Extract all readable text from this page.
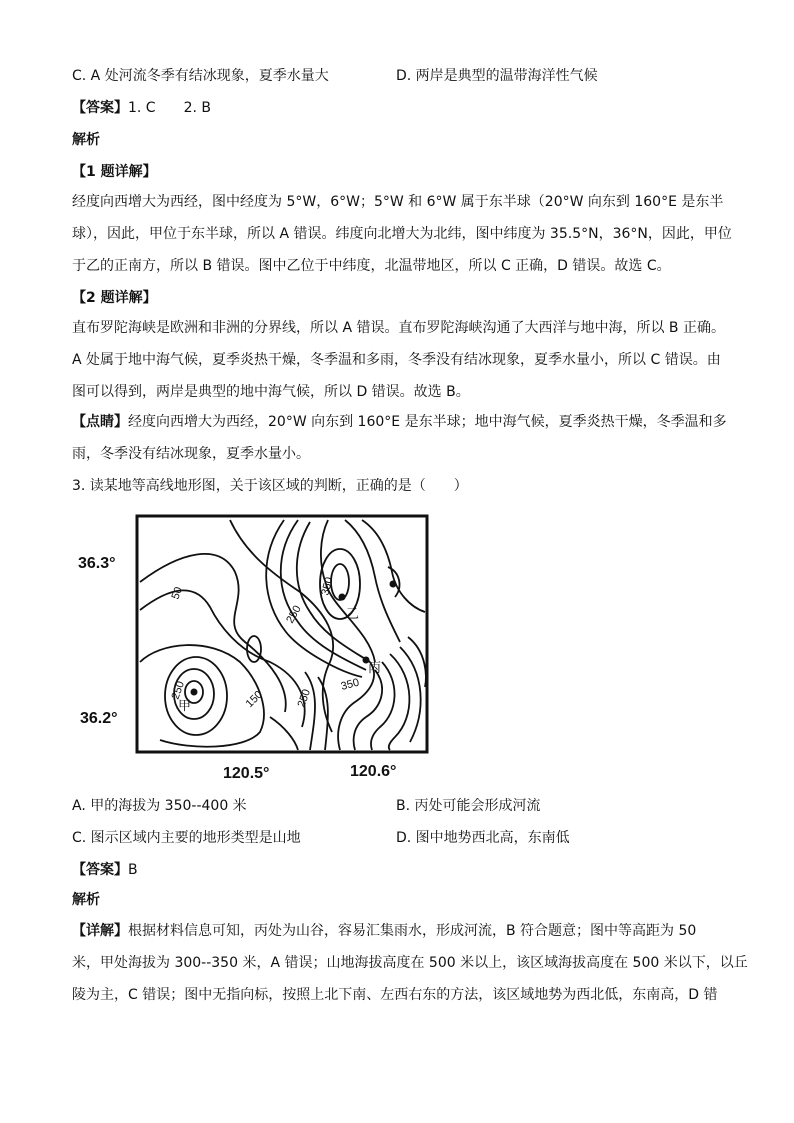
C. A 处河流冬季有结冰现象，夏季水量大	D. 两岸是典型的温带海洋性气候
【答案】1. C　　2. B
解析
【1 题详解】
经度向西增大为西经，图中经度为 5°W，6°W；5°W 和 6°W 属于东半球（20°W 向东到 160°E 是东半
球），因此，甲位于东半球，所以 A 错误。纬度向北增大为北纬，图中纬度为 35.5°N，36°N，因此，甲位
于乙的正南方，所以 B 错误。图中乙位于中纬度，北温带地区，所以 C 正确，D 错误。故选 C。
【2 题详解】
直布罗陀海峡是欧洲和非洲的分界线，所以 A 错误。直布罗陀海峡沟通了大西洋与地中海，所以 B 正确。
A 处属于地中海气候，夏季炎热干燥，冬季温和多雨，冬季没有结冰现象，夏季水量小，所以 C 错误。由
图可以得到，两岸是典型的地中海气候，所以 D 错误。故选 B。
【点睛】经度向西增大为西经，20°W 向东到 160°E 是东半球；地中海气候，夏季炎热干燥，冬季温和多
雨，冬季没有结冰现象，夏季水量小。
3. 读某地等高线地形图，关于该区域的判断，正确的是（　　）
50
250
350
250	150	250
350
甲
乙
丙
36.3°
36.2°
120.5°	120.6°
A. 甲的海拔为 350--400 米	B. 丙处可能会形成河流
C. 图示区域内主要的地形类型是山地	D. 图中地势西北高，东南低
【答案】B
解析
【详解】根据材料信息可知，丙处为山谷，容易汇集雨水，形成河流，B 符合题意；图中等高距为 50
米，甲处海拔为 300--350 米，A 错误；山地海拔高度在 500 米以上，该区域海拔高度在 500 米以下，以丘
陵为主，C 错误；图中无指向标，按照上北下南、左西右东的方法，该区域地势为西北低，东南高，D 错
